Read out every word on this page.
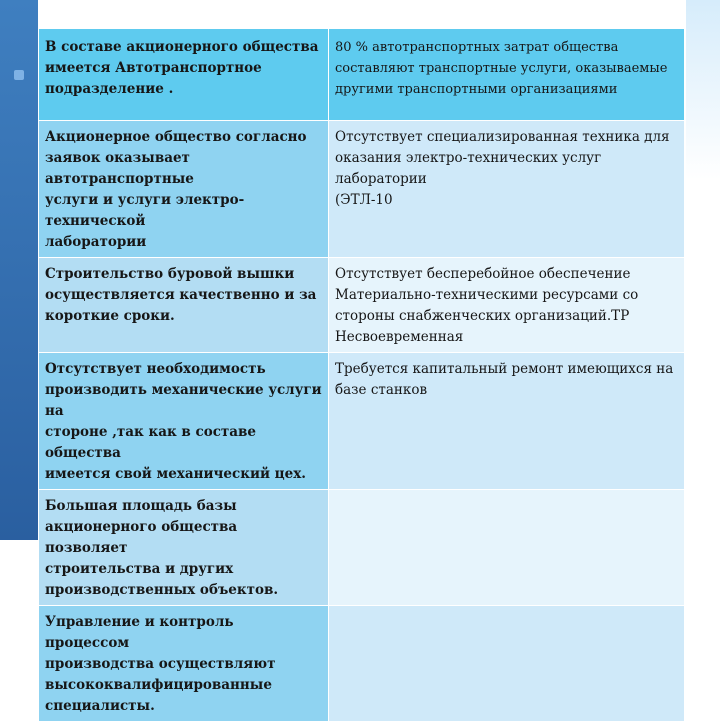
В составе акционерного общества
имеется Автотранспортное
подразделение .	80 % автотранспортных затрат общества
составляют транспортные услуги, оказываемые
другими транспортными организациями

Акционерное общество согласно
заявок оказывает автотранспортные
услуги и услуги электро-технической
лаборатории	Отсутствует специализированная техника для
оказания электро-технических услуг лаборатории
(ЭТЛ-10

Строительство буровой вышки
осуществляется качественно и за
короткие сроки.	Отсутствует бесперебойное обеспечение
Материально-техническими ресурсами со
стороны снабженческих организаций.ТР
Несвоевременная

Отсутствует необходимость
производить механические услуги на
стороне ,так как в составе общества
имеется свой механический цех.	Требуется капитальный ремонт имеющихся на
базе станков

Большая площадь базы
акционерного общества позволяет
строительства и других
производственных объектов.	

Управление и контроль процессом
производства осуществляют
высококвалифицированные
специалисты.	
